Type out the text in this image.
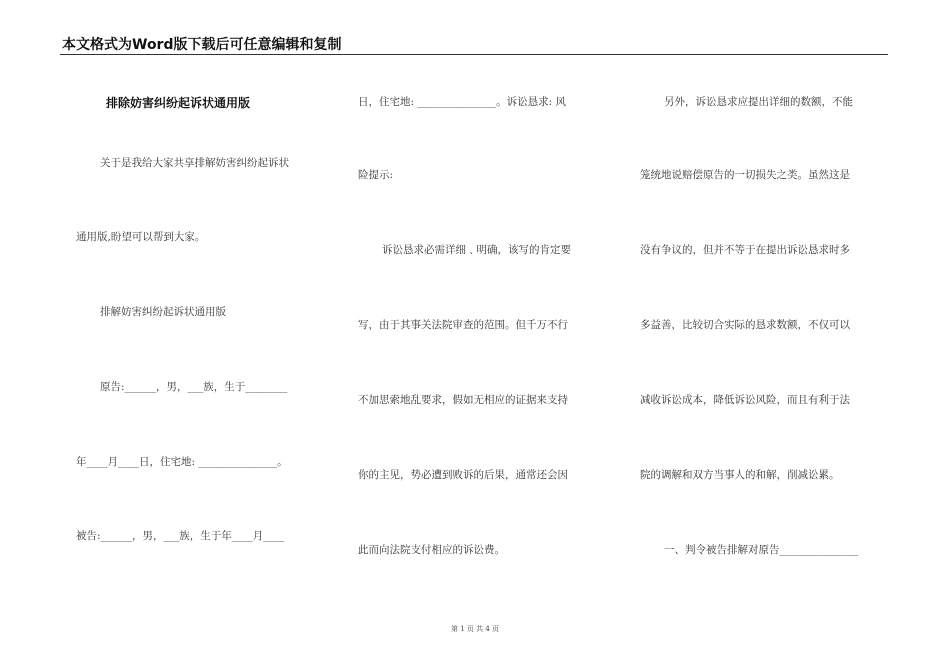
本文格式为Word版下载后可任意编辑和复制
排除妨害纠纷起诉状通用版
关于是我给大家共享排解妨害纠纷起诉状
通用版,盼望可以帮到大家。
排解妨害纠纷起诉状通用版
原告:______，男，___族，生于________
年____月____日，住宅地: _______________。
被告:______，男，___族，生于年____月____
日，住宅地: _______________。诉讼恳求: 风
险提示:
诉讼恳求必需详细﹑明确，该写的肯定要
写，由于其事关法院审查的范围。但千万不行
不加思索地乱要求，假如无相应的证据来支持
你的主见，势必遭到败诉的后果，通常还会因
此而向法院支付相应的诉讼费。
另外，诉讼恳求应提出详细的数额，不能
笼统地说赔偿原告的一切损失之类。虽然这是
没有争议的，但并不等于在提出诉讼恳求时多
多益善，比较切合实际的恳求数额，不仅可以
减收诉讼成本，降低诉讼风险，而且有利于法
院的调解和双方当事人的和解，削减讼累。
一、判令被告排解对原告_______________
第 1 页 共 4 页
